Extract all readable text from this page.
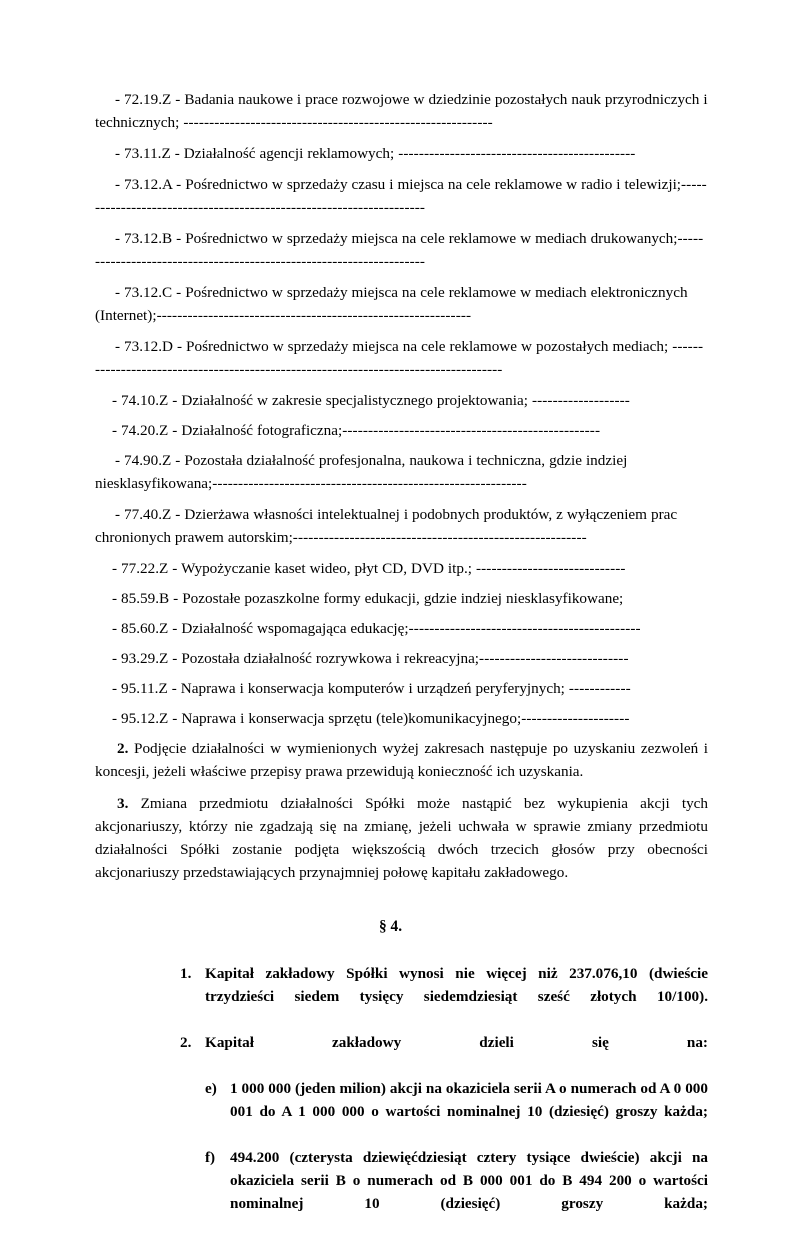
- 72.19.Z - Badania naukowe i prace rozwojowe w dziedzinie pozostałych nauk przyrodniczych i technicznych; ------------------------------------------------------------

- 73.11.Z - Działalność agencji reklamowych; ----------------------------------------------

- 73.12.A - Pośrednictwo w sprzedaży czasu i miejsca na cele reklamowe w radio i telewizji;---------------------------------------------------------------------

- 73.12.B - Pośrednictwo w sprzedaży miejsca na cele reklamowe w mediach drukowanych;---------------------------------------------------------------------

- 73.12.C - Pośrednictwo w sprzedaży miejsca na cele reklamowe w mediach elektronicznych (Internet);-------------------------------------------------------------

- 73.12.D - Pośrednictwo w sprzedaży miejsca na cele reklamowe w pozostałych mediach; -------------------------------------------------------------------------------------

- 74.10.Z - Działalność w zakresie specjalistycznego projektowania; -------------------

- 74.20.Z - Działalność fotograficzna;--------------------------------------------------

- 74.90.Z - Pozostała działalność profesjonalna, naukowa i techniczna, gdzie indziej niesklasyfikowana;-------------------------------------------------------------

- 77.40.Z - Dzierżawa własności intelektualnej i podobnych produktów, z wyłączeniem prac chronionych prawem autorskim;---------------------------------------------------------

- 77.22.Z - Wypożyczanie kaset wideo, płyt CD, DVD itp.; -----------------------------

- 85.59.B - Pozostałe pozaszkolne formy edukacji, gdzie indziej niesklasyfikowane;

- 85.60.Z - Działalność wspomagająca edukację;---------------------------------------------

- 93.29.Z - Pozostała działalność rozrywkowa i rekreacyjna;-----------------------------

- 95.11.Z - Naprawa i konserwacja komputerów i urządzeń peryferyjnych; ------------

- 95.12.Z - Naprawa i konserwacja sprzętu (tele)komunikacyjnego;---------------------

2. Podjęcie działalności w wymienionych wyżej zakresach następuje po uzyskaniu zezwoleń i koncesji, jeżeli właściwe przepisy prawa przewidują konieczność ich uzyskania.

3. Zmiana przedmiotu działalności Spółki może nastąpić bez wykupienia akcji tych akcjonariuszy, którzy nie zgadzają się na zmianę, jeżeli uchwała w sprawie zmiany przedmiotu działalności Spółki zostanie podjęta większością dwóch trzecich głosów przy obecności akcjonariuszy przedstawiających przynajmniej połowę kapitału zakładowego.

§ 4.
1. Kapitał zakładowy Spółki wynosi nie więcej niż 237.076,10 (dwieście trzydzieści siedem tysięcy siedemdziesiąt sześć złotych 10/100).
2. Kapitał zakładowy dzieli się na:
e) 1 000 000 (jeden milion) akcji na okaziciela serii A o numerach od A 0 000 001 do A 1 000 000 o wartości nominalnej 10 (dziesięć) groszy każda;
f) 494.200 (czterysta dziewięćdziesiąt cztery tysiące dwieście) akcji na okaziciela serii B o numerach od B 000 001 do B 494 200 o wartości nominalnej 10 (dziesięć) groszy każda;
